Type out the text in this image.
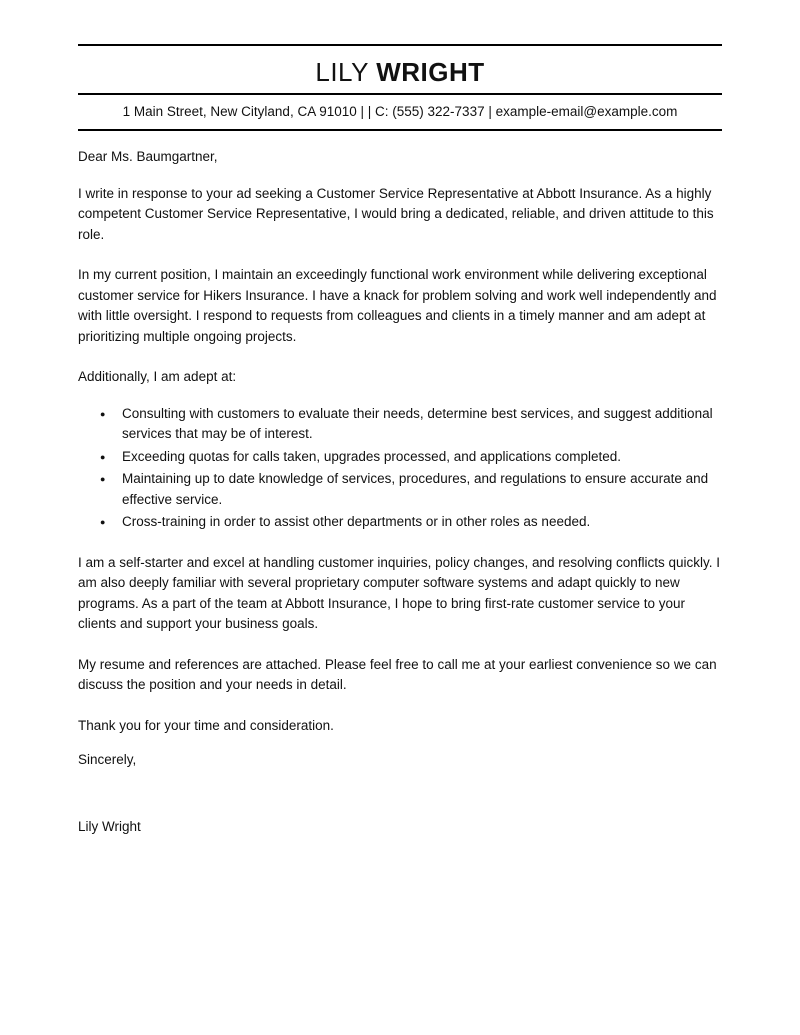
LILY WRIGHT
1 Main Street, New Cityland, CA 91010 | | C: (555) 322-7337 | example-email@example.com

Dear Ms. Baumgartner,

I write in response to your ad seeking a Customer Service Representative at Abbott Insurance. As a highly competent Customer Service Representative, I would bring a dedicated, reliable, and driven attitude to this role.

In my current position, I maintain an exceedingly functional work environment while delivering exceptional customer service for Hikers Insurance. I have a knack for problem solving and work well independently and with little oversight. I respond to requests from colleagues and clients in a timely manner and am adept at prioritizing multiple ongoing projects.

Additionally, I am adept at:

● Consulting with customers to evaluate their needs, determine best services, and suggest additional services that may be of interest.
● Exceeding quotas for calls taken, upgrades processed, and applications completed.
● Maintaining up to date knowledge of services, procedures, and regulations to ensure accurate and effective service.
● Cross-training in order to assist other departments or in other roles as needed.

I am a self-starter and excel at handling customer inquiries, policy changes, and resolving conflicts quickly. I am also deeply familiar with several proprietary computer software systems and adapt quickly to new programs. As a part of the team at Abbott Insurance, I hope to bring first-rate customer service to your clients and support your business goals.

My resume and references are attached. Please feel free to call me at your earliest convenience so we can discuss the position and your needs in detail.

Thank you for your time and consideration.

Sincerely,

Lily Wright
